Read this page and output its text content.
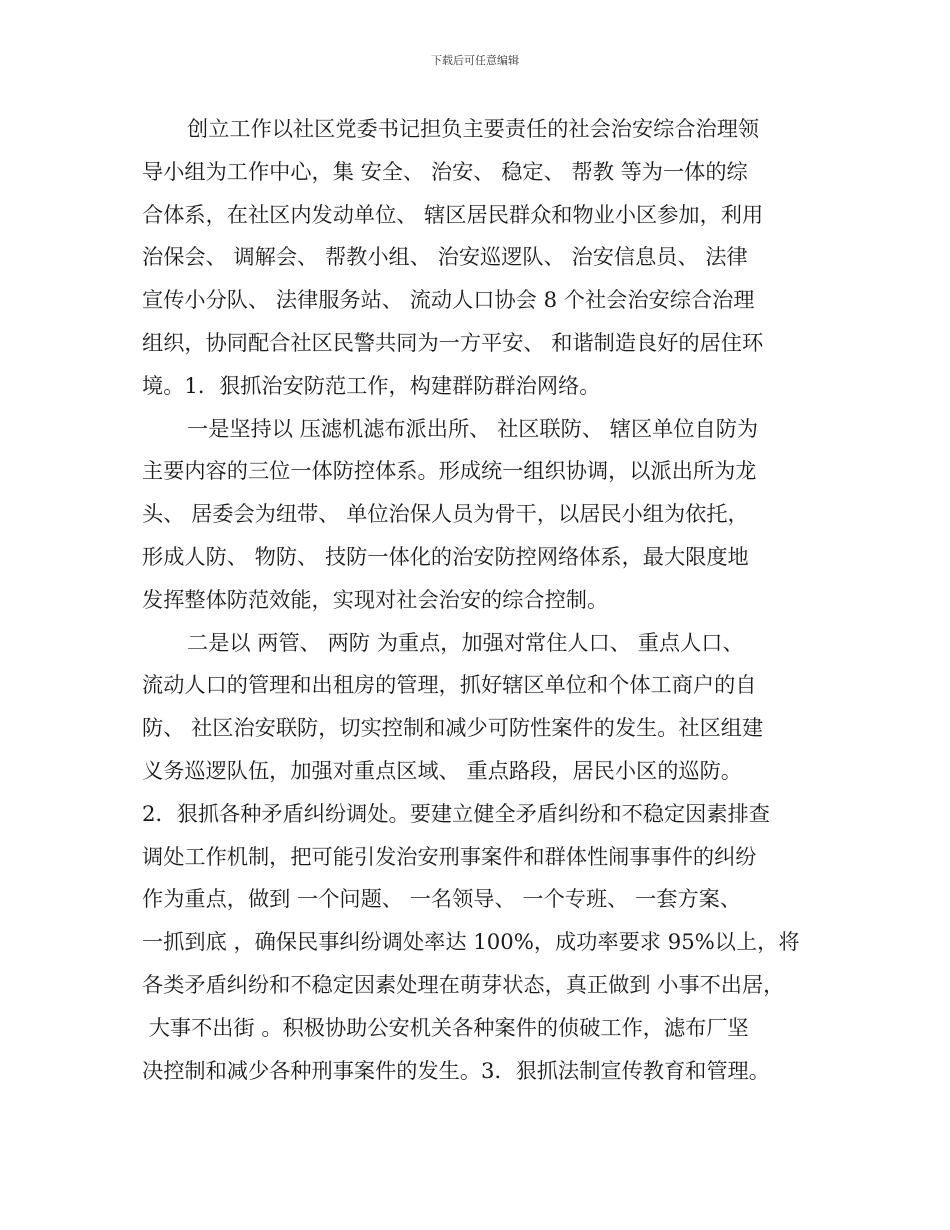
下载后可任意编辑
创立工作以社区党委书记担负主要责任的社会治安综合治理领
导小组为工作中心，集 安全、 治安、 稳定、 帮教 等为一体的综
合体系，在社区内发动单位、 辖区居民群众和物业小区参加，利用
治保会、 调解会、 帮教小组、 治安巡逻队、 治安信息员、 法律
宣传小分队、 法律服务站、 流动人口协会 8 个社会治安综合治理
组织，协同配合社区民警共同为一方平安、 和谐制造良好的居住环
境。1．狠抓治安防范工作，构建群防群治网络。
一是坚持以 压滤机滤布派出所、 社区联防、 辖区单位自防为
主要内容的三位一体防控体系。形成统一组织协调，以派出所为龙
头、 居委会为纽带、 单位治保人员为骨干，以居民小组为依托，
形成人防、 物防、 技防一体化的治安防控网络体系，最大限度地
发挥整体防范效能，实现对社会治安的综合控制。
二是以 两管、 两防 为重点，加强对常住人口、 重点人口、
流动人口的管理和出租房的管理，抓好辖区单位和个体工商户的自
防、 社区治安联防，切实控制和减少可防性案件的发生。社区组建
义务巡逻队伍，加强对重点区域、 重点路段，居民小区的巡防。
2．狠抓各种矛盾纠纷调处。要建立健全矛盾纠纷和不稳定因素排查
调处工作机制，把可能引发治安刑事案件和群体性闹事事件的纠纷
作为重点，做到 一个问题、 一名领导、 一个专班、 一套方案、
一抓到底 ，确保民事纠纷调处率达 100%，成功率要求 95%以上，将
各类矛盾纠纷和不稳定因素处理在萌芽状态，真正做到 小事不出居，
大事不出街 。积极协助公安机关各种案件的侦破工作，滤布厂坚
决控制和减少各种刑事案件的发生。3．狠抓法制宣传教育和管理。
